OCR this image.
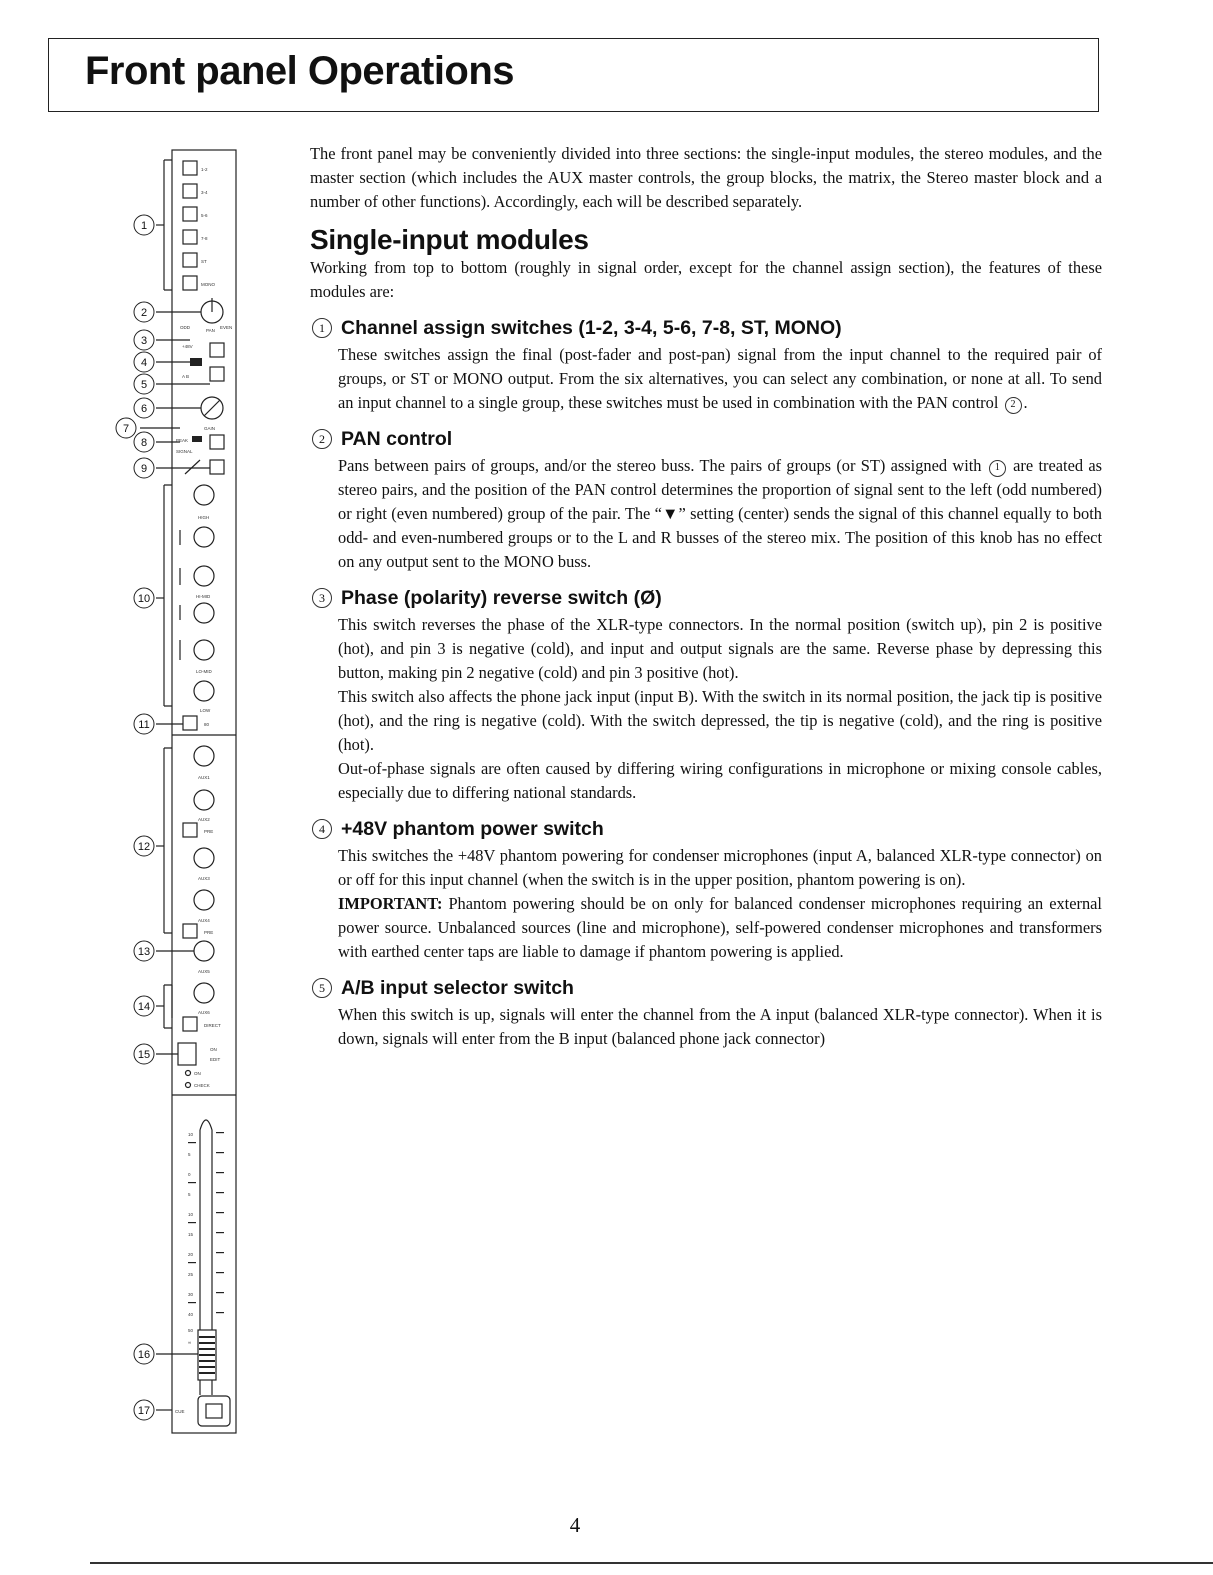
Front panel Operations
1
2
3
4
5
6
7
8
9
10
11
12
13
14
15
16
17
1-2
3-4
5-6
7-8
ST
MONO
ODD
PAN
EVEN
+48V
A B
GAIN
PEAK
SIGNAL
HIGH
HI-MID
LO-MID
LOW
80
AUX1
AUX2
PRE
AUX3
AUX4
PRE
AUX5
AUX6
DIRECT
ON
EDIT
ON
CHECK
10
5
0
5
10
15
20
25
30
40
50
∞
CUE

The front panel may be conveniently divided into three sections: the single-input modules, the stereo modules, and the master section (which includes the AUX master controls, the group blocks, the matrix, the Stereo master block and a number of other functions). Accordingly, each will be described separately.

Single-input modules

Working from top to bottom (roughly in signal order, except for the channel assign section), the features of these modules are:

1 Channel assign switches (1-2, 3-4, 5-6, 7-8, ST, MONO)

These switches assign the final (post-fader and post-pan) signal from the input channel to the required pair of groups, or ST or MONO output. From the six alternatives, you can select any combination, or none at all. To send an input channel to a single group, these switches must be used in combination with the PAN control 2 .

2 PAN control

Pans between pairs of groups, and/or the stereo buss. The pairs of groups (or ST) assigned with 1 are treated as stereo pairs, and the position of the PAN control determines the proportion of signal sent to the left (odd numbered) or right (even numbered) group of the pair. The “▼” setting (center) sends the signal of this channel equally to both odd- and even-numbered groups or to the L and R busses of the stereo mix. The position of this knob has no effect on any output sent to the MONO buss.

3 Phase (polarity) reverse switch (Ø)

This switch reverses the phase of the XLR-type connectors. In the normal position (switch up), pin 2 is positive (hot), and pin 3 is negative (cold), and input and output signals are the same. Reverse phase by depressing this button, making pin 2 negative (cold) and pin 3 positive (hot).

This switch also affects the phone jack input (input B). With the switch in its normal position, the jack tip is positive (hot), and the ring is negative (cold). With the switch depressed, the tip is negative (cold), and the ring is positive (hot).

Out-of-phase signals are often caused by differing wiring configurations in microphone or mixing console cables, especially due to differing national standards.

4 +48V phantom power switch

This switches the +48V phantom powering for condenser microphones (input A, balanced XLR-type connector) on or off for this input channel (when the switch is in the upper position, phantom powering is on).

IMPORTANT: Phantom powering should be on only for balanced condenser microphones requiring an external power source. Unbalanced sources (line and microphone), self-powered condenser microphones and transformers with earthed center taps are liable to damage if phantom powering is applied.

5 A/B input selector switch

When this switch is up, signals will enter the channel from the A input (balanced XLR-type connector). When it is down, signals will enter from the B input (balanced phone jack connector)

4
